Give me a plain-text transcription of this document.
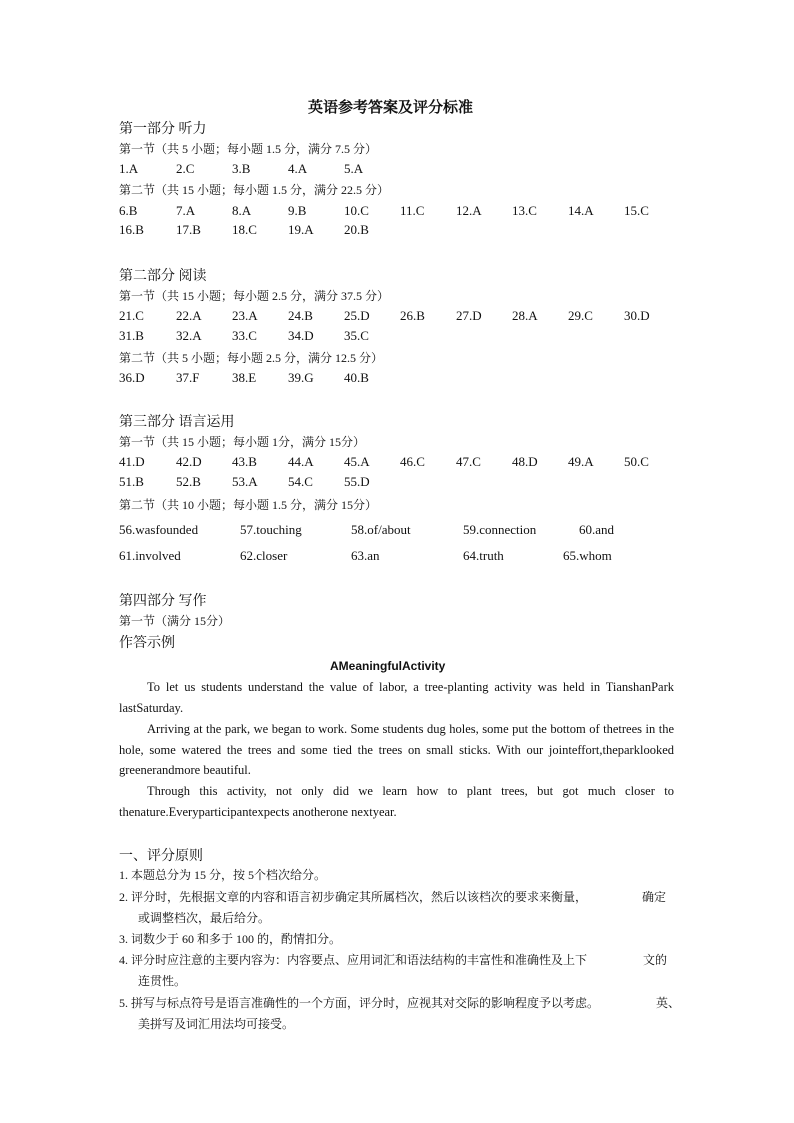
英语参考答案及评分标准
第一部分 听力
第一节（共 5 小题；每小题 1.5 分，满分 7.5 分）
1.A	2.C	3.B	4.A	5.A
第二节（共 15 小题；每小题 1.5 分，满分 22.5 分）
6.B	7.A	8.A	9.B	10.C 11.C 12.A 13.C 14.A 15.C
16.B 17.B 18.C 19.A 20.B
第二部分 阅读
第一节（共 15 小题；每小题 2.5 分，满分 37.5 分）
21.C 22.A 23.A 24.B 25.D 26.B 27.D 28.A 29.C 30.D
31.B 32.A 33.C 34.D 35.C
第二节（共 5 小题；每小题 2.5 分，满分 12.5 分）
36.D 37.F	38.E 39.G 40.B
第三部分 语言运用
第一节（共 15 小题；每小题 1分，满分 15分）
41.D 42.D 43.B 44.A 45.A 46.C 47.C 48.D 49.A 50.C
51.B 52.B 53.A 54.C 55.D
第二节（共 10 小题；每小题 1.5 分，满分 15分）
56.wasfounded	57.touching	58.of/about	59.connection	60.and
61.involved	62.closer	63.an	64.truth	65.whom
第四部分 写作
第一节（满分 15分）
作答示例
AMeaningfulActivity
To let us students understand the value of labor, a tree-planting activity was held in TianshanPark lastSaturday.
Arriving at the park, we began to work. Some students dug holes, some put the bottom of thetrees in the hole, some watered the trees and some tied the trees on small sticks. With our jointeffort,theparklooked greenerandmore beautiful.
Through this activity, not only did we learn how to plant trees, but got much closer to thenature.Everyparticipantexpects anotherone nextyear.
一、评分原则
1. 本题总分为 15 分，按 5个档次给分。
2. 评分时，先根据文章的内容和语言初步确定其所属档次，然后以该档次的要求来衡量，	确定
或调整档次，最后给分。
3. 词数少于 60 和多于 100 的，酌情扣分。
4. 评分时应注意的主要内容为：内容要点、应用词汇和语法结构的丰富性和准确性及上下	文的
连贯性。
5. 拼写与标点符号是语言准确性的一个方面，评分时，应视其对交际的影响程度予以考虑。	英、
美拼写及词汇用法均可接受。
